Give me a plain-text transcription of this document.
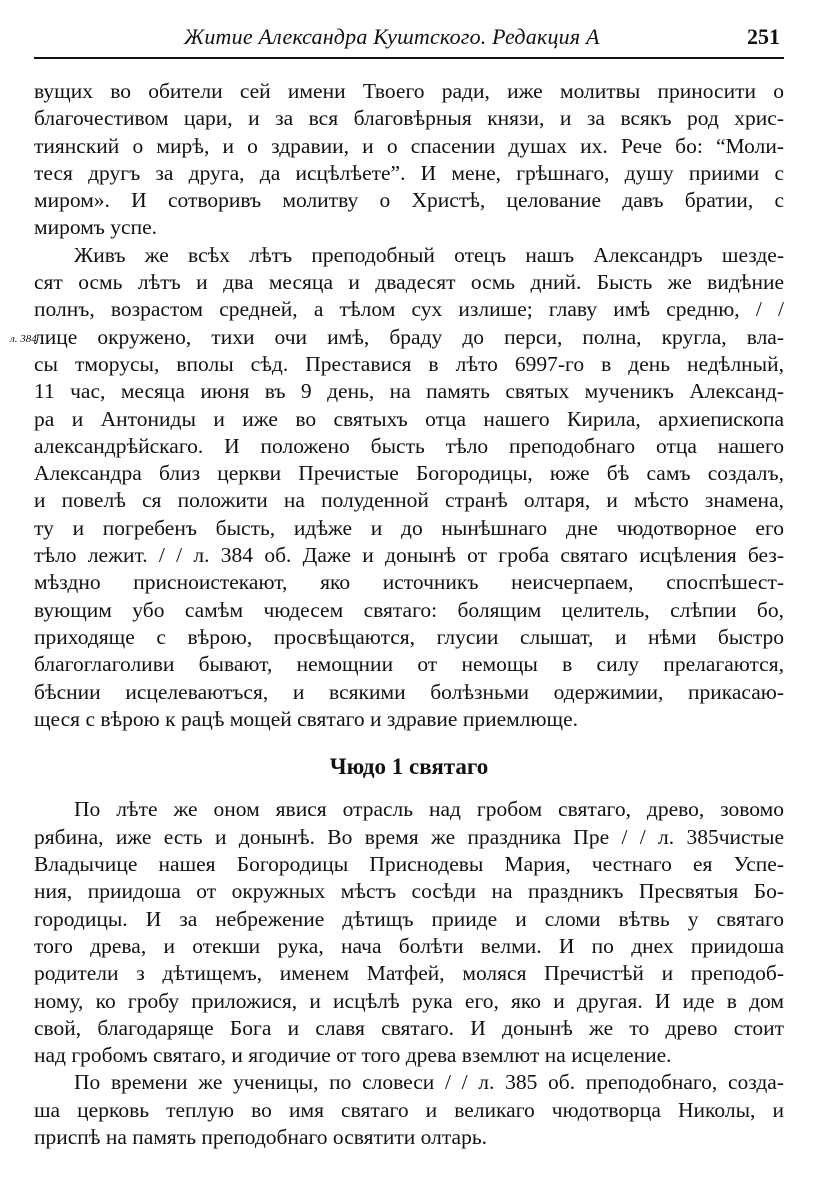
Житие Александра Куштского. Редакция А	251
вущих во обители сей имени Твоего ради, иже молитвы приносити о
благочестивом цари, и за вся благовѣрныя князи, и за всякъ род хрис-
тиянский о мирѣ, и о здравии, и о спасении душах их. Рече бо: “Моли-
теся другъ за друга, да исцѣлѣете”. И мене, грѣшнаго, душу приими с
миром». И сотворивъ молитву о Христѣ, целование давъ братии, с
миромъ успе.
Живъ же всѣх лѣтъ преподобный отецъ нашъ Александръ шезде-
сят осмь лѣтъ и два месяца и двадесят осмь дний. Бысть же видѣние
полнъ, возрастом средней, а тѣлом сух излише; главу имѣ средню, / /
л. 384
лице окружено, тихи очи имѣ, браду до перси, полна, кругла, вла-
сы тморусы, вполы сѣд. Преставися в лѣто 6997-го в день недѣлный,
11 час, месяца июня въ 9 день, на память святых мученикъ Александ-
ра и Антониды и иже во святыхъ отца нашего Кирила, архиепископа
александрѣйскаго. И положено бысть тѣло преподобнаго отца нашего
Александра близ церкви Пречистые Богородицы, юже бѣ самъ создалъ,
и повелѣ ся положити на полуденной странѣ олтаря, и мѣсто знамена,
ту и погребенъ бысть, идѣже и до нынѣшнаго дне чюдотворное его
тѣло лежит. / / л. 384 об. Даже и донынѣ от гроба святаго исцѣления без-
мѣздно присноистекают, яко источникъ неисчерпаем, споспѣшест-
вующим убо самѣм чюдесем святаго: болящим целитель, слѣпии бо,
приходяще с вѣрою, просвѣщаются, глусии слышат, и нѣми быстро
благоглаголиви бывают, немощнии от немощы в силу прелагаются,
бѣснии исцелеваютъся, и всякими болѣзньми одержимии, прикасаю-
щеся с вѣрою к рацѣ мощей святаго и здравие приемлюще.
Чюдо 1 святаго
По лѣте же оном явися отрасль над гробом святаго, древо, зовомо
рябина, иже есть и донынѣ. Во время же праздника Пре / / л. 385чистые
Владычице нашея Богородицы Приснодевы Мария, честнаго ея Успе-
ния, приидоша от окружных мѣстъ сосѣди на праздникъ Пресвятыя Бо-
городицы. И за небрежение дѣтищъ прииде и сломи вѣтвь у святаго
того древа, и отекши рука, нача болѣти велми. И по днех приидоша
родители з дѣтищемъ, именем Матфей, моляся Пречистѣй и преподоб-
ному, ко гробу приложися, и исцѣлѣ рука его, яко и другая. И иде в дом
свой, благодаряще Бога и славя святаго. И донынѣ же то древо стоит
над гробомъ святаго, и ягодичие от того древа вземлют на исцеление.
По времени же ученицы, по словеси / / л. 385 об. преподобнаго, созда-
ша церковь теплую во имя святаго и великаго чюдотворца Николы, и
приспѣ на память преподобнаго освятити олтарь.
